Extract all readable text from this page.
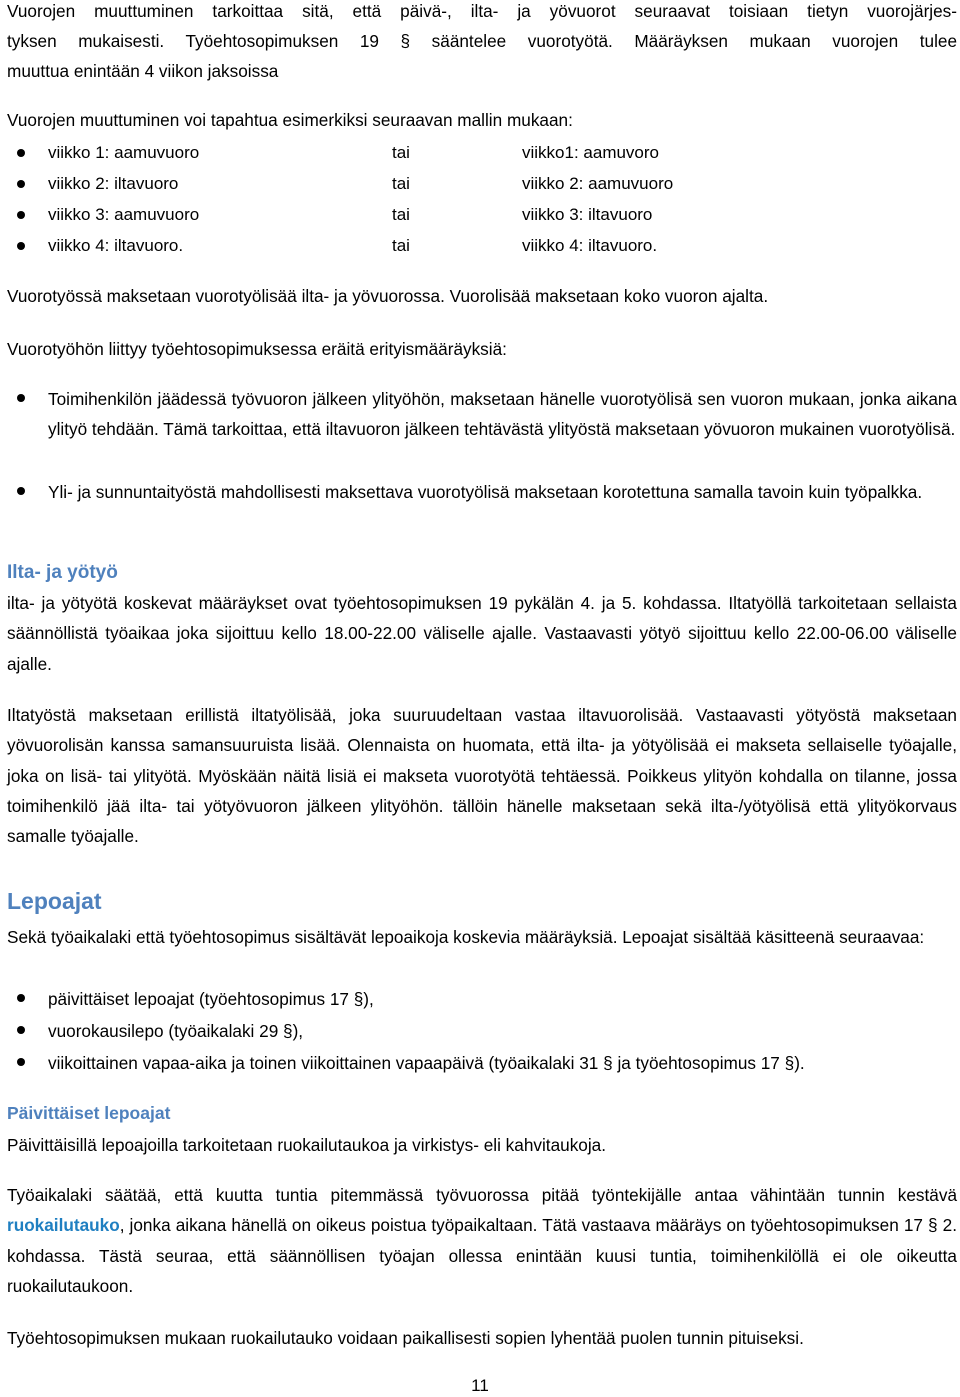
Vuorojen muuttuminen tarkoittaa sitä, että päivä-, ilta- ja yövuorot seuraavat toisiaan tietyn vuorojärjes-

tyksen mukaisesti. Työehtosopimuksen 19 § sääntelee vuorotyötä. Määräyksen mukaan vuorojen tulee

muuttua enintään 4 viikon jaksoissa

Vuorojen muuttuminen voi tapahtua esimerkiksi seuraavan mallin mukaan:

viikko 1: aamuvuoro	tai	viikko1: aamuvoro
viikko 2: iltavuoro	tai	viikko 2: aamuvuoro
viikko 3: aamuvuoro	tai	viikko 3: iltavuoro
viikko 4: iltavuoro.	tai	viikko 4: iltavuoro.

Vuorotyössä maksetaan vuorotyölisää ilta- ja yövuorossa. Vuorolisää maksetaan koko vuoron ajalta.

Vuorotyöhön liittyy työehtosopimuksessa eräitä erityismääräyksiä:

Toimihenkilön jäädessä työvuoron jälkeen ylityöhön, maksetaan hänelle vuorotyölisä sen vuoron mukaan, jonka aikana ylityö tehdään. Tämä tarkoittaa, että iltavuoron jälkeen tehtävästä ylityöstä maksetaan yövuoron mukainen vuorotyölisä.
Yli- ja sunnuntaityöstä mahdollisesti maksettava vuorotyölisä maksetaan korotettuna samalla tavoin kuin työpalkka.
Ilta- ja yötyö

ilta- ja yötyötä koskevat määräykset ovat työehtosopimuksen 19 pykälän 4. ja 5. kohdassa. Iltatyöllä tarkoitetaan sellaista säännöllistä työaikaa joka sijoittuu kello 18.00-22.00 väliselle ajalle. Vastaavasti yötyö sijoittuu kello 22.00-06.00 väliselle ajalle.

Iltatyöstä maksetaan erillistä iltatyölisää, joka suuruudeltaan vastaa iltavuorolisää. Vastaavasti yötyöstä maksetaan yövuorolisän kanssa samansuuruista lisää. Olennaista on huomata, että ilta- ja yötyölisää ei makseta sellaiselle työajalle, joka on lisä- tai ylityötä. Myöskään näitä lisiä ei makseta vuorotyötä tehtäessä. Poikkeus ylityön kohdalla on tilanne, jossa toimihenkilö jää ilta- tai yötyövuoron jälkeen ylityöhön. tällöin hänelle maksetaan sekä ilta-/yötyölisä että ylityökorvaus samalle työajalle.

Lepoajat

Sekä työaikalaki että työehtosopimus sisältävät lepoaikoja koskevia määräyksiä. Lepoajat sisältää käsitteenä seuraavaa:

päivittäiset lepoajat (työehtosopimus 17 §),
vuorokausilepo (työaikalaki 29 §),
viikoittainen vapaa-aika ja toinen viikoittainen vapaapäivä (työaikalaki 31 § ja työehtosopimus 17 §).
Päivittäiset lepoajat

Päivittäisillä lepoajoilla tarkoitetaan ruokailutaukoa ja virkistys- eli kahvitaukoja.

Työaikalaki säätää, että kuutta tuntia pitemmässä työvuorossa pitää työntekijälle antaa vähintään tunnin kestävä ruokailutauko, jonka aikana hänellä on oikeus poistua työpaikaltaan. Tätä vastaava määräys on työehtosopimuksen 17 § 2. kohdassa. Tästä seuraa, että säännöllisen työajan ollessa enintään kuusi tuntia, toimihenkilöllä ei ole oikeutta ruokailutaukoon.

Työehtosopimuksen mukaan ruokailutauko voidaan paikallisesti sopien lyhentää puolen tunnin pituiseksi.

11
